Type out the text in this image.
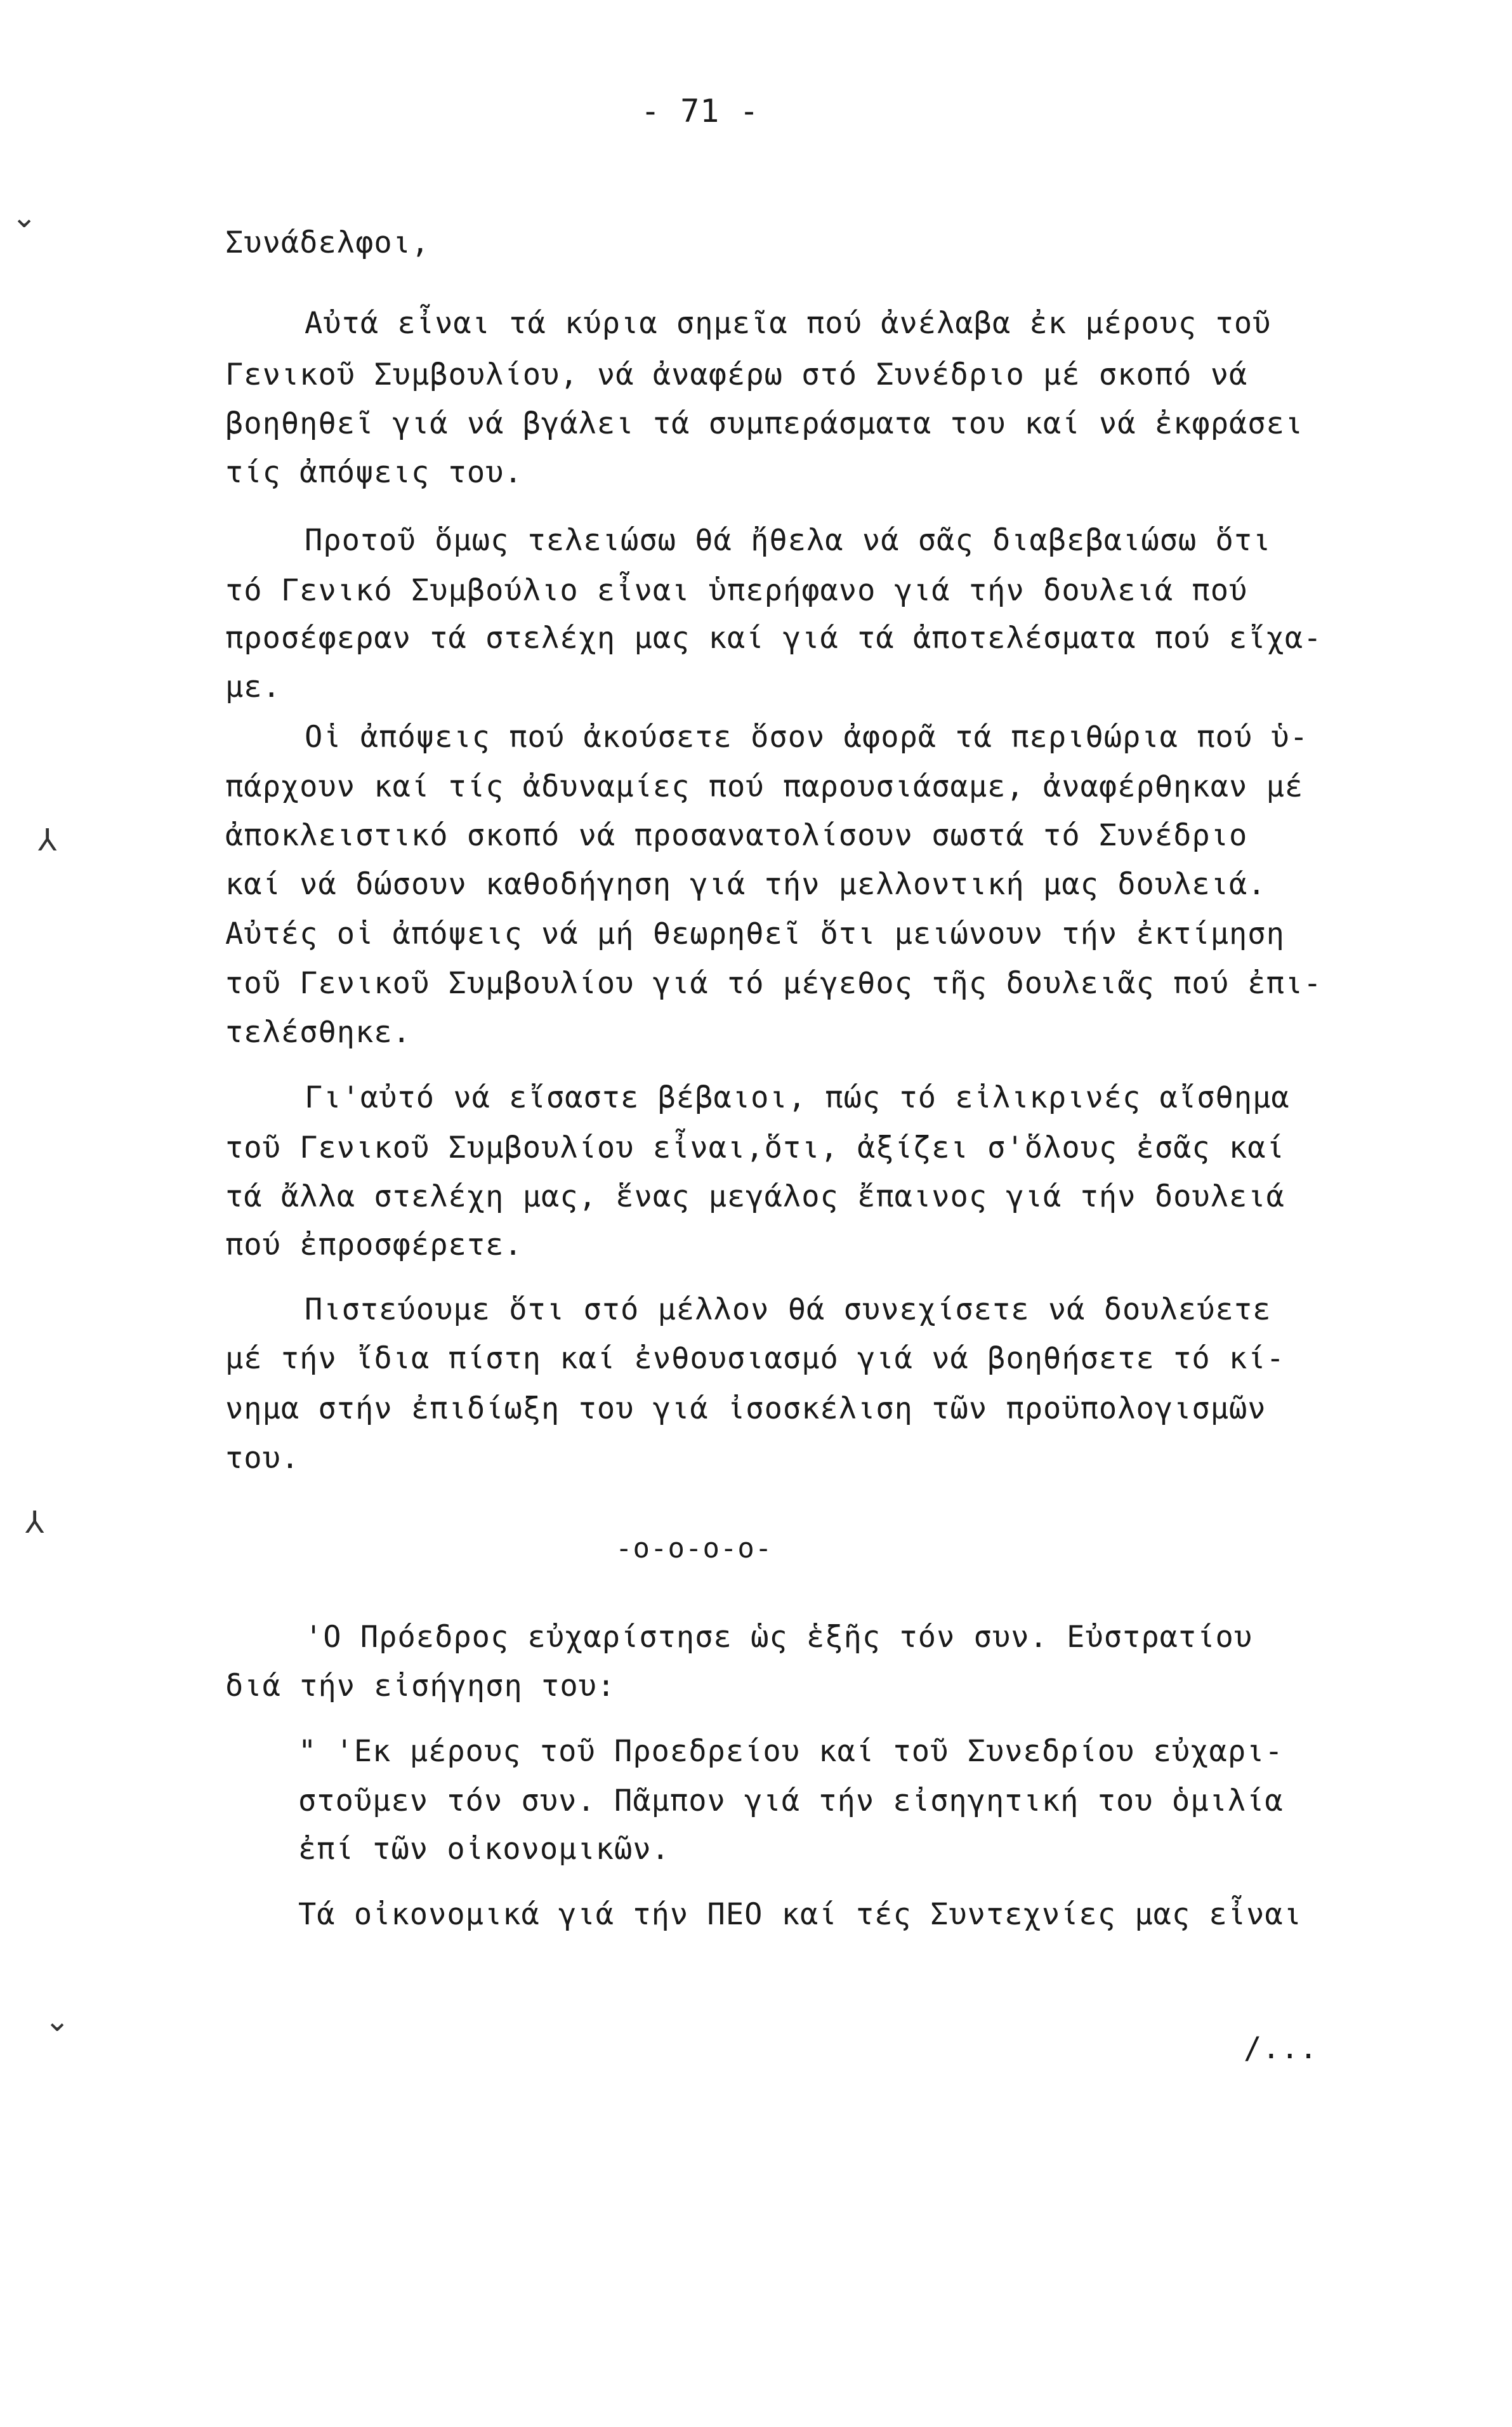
- 71 -
⌄
⅄
⅄
⌄
Συνάδελφοι,
Αὐτά εἶναι τά κύρια σημεῖα πού ἀνέλαβα ἐκ μέρους τοῦ
Γενικοῦ Συμβουλίου, νά ἀναφέρω στό Συνέδριο μέ σκοπό νά
βοηθηθεῖ γιά νά βγάλει τά συμπεράσματα του καί νά ἐκφράσει
τίς ἀπόψεις του.
Προτοῦ ὅμως τελειώσω θά ἤθελα νά σᾶς διαβεβαιώσω ὅτι
τό Γενικό Συμβούλιο εἶναι ὑπερήφανο γιά τήν δουλειά πού
προσέφεραν τά στελέχη μας καί γιά τά ἀποτελέσματα πού εἴχα-
με.
Οἱ ἀπόψεις πού ἀκούσετε ὅσον ἀφορᾶ τά περιθώρια πού ὑ-
πάρχουν καί τίς ἀδυναμίες πού παρουσιάσαμε, ἀναφέρθηκαν μέ
ἀποκλειστικό σκοπό νά προσανατολίσουν σωστά τό Συνέδριο
καί νά δώσουν καθοδήγηση γιά τήν μελλοντική μας δουλειά.
Αὐτές οἱ ἀπόψεις νά μή θεωρηθεῖ ὅτι μειώνουν τήν ἐκτίμηση
τοῦ Γενικοῦ Συμβουλίου γιά τό μέγεθος τῆς δουλειᾶς πού ἐπι-
τελέσθηκε.
Γι'αὐτό νά εἴσαστε βέβαιοι, πώς τό εἰλικρινές αἴσθημα
τοῦ Γενικοῦ Συμβουλίου εἶναι,ὅτι, ἀξίζει σ'ὅλους ἐσᾶς καί
τά ἄλλα στελέχη μας, ἕνας μεγάλος ἔπαινος γιά τήν δουλειά
πού ἐπροσφέρετε.
Πιστεύουμε ὅτι στό μέλλον θά συνεχίσετε νά δουλεύετε
μέ τήν ἴδια πίστη καί ἐνθουσιασμό γιά νά βοηθήσετε τό κί-
νημα στήν ἐπιδίωξη του γιά ἰσοσκέλιση τῶν προϋπολογισμῶν
του.
-o-o-o-o-
'Ο Πρόεδρος εὐχαρίστησε ὡς ἑξῆς τόν συν. Εὐστρατίου
διά τήν εἰσήγηση του:
" 'Εκ μέρους τοῦ Προεδρείου καί τοῦ Συνεδρίου εὐχαρι-
στοῦμεν τόν συν. Πᾶμπον γιά τήν εἰσηγητική του ὁμιλία
ἐπί τῶν οἰκονομικῶν.
Τά οἰκονομικά γιά τήν ΠΕΟ καί τές Συντεχνίες μας εἶναι
/...
